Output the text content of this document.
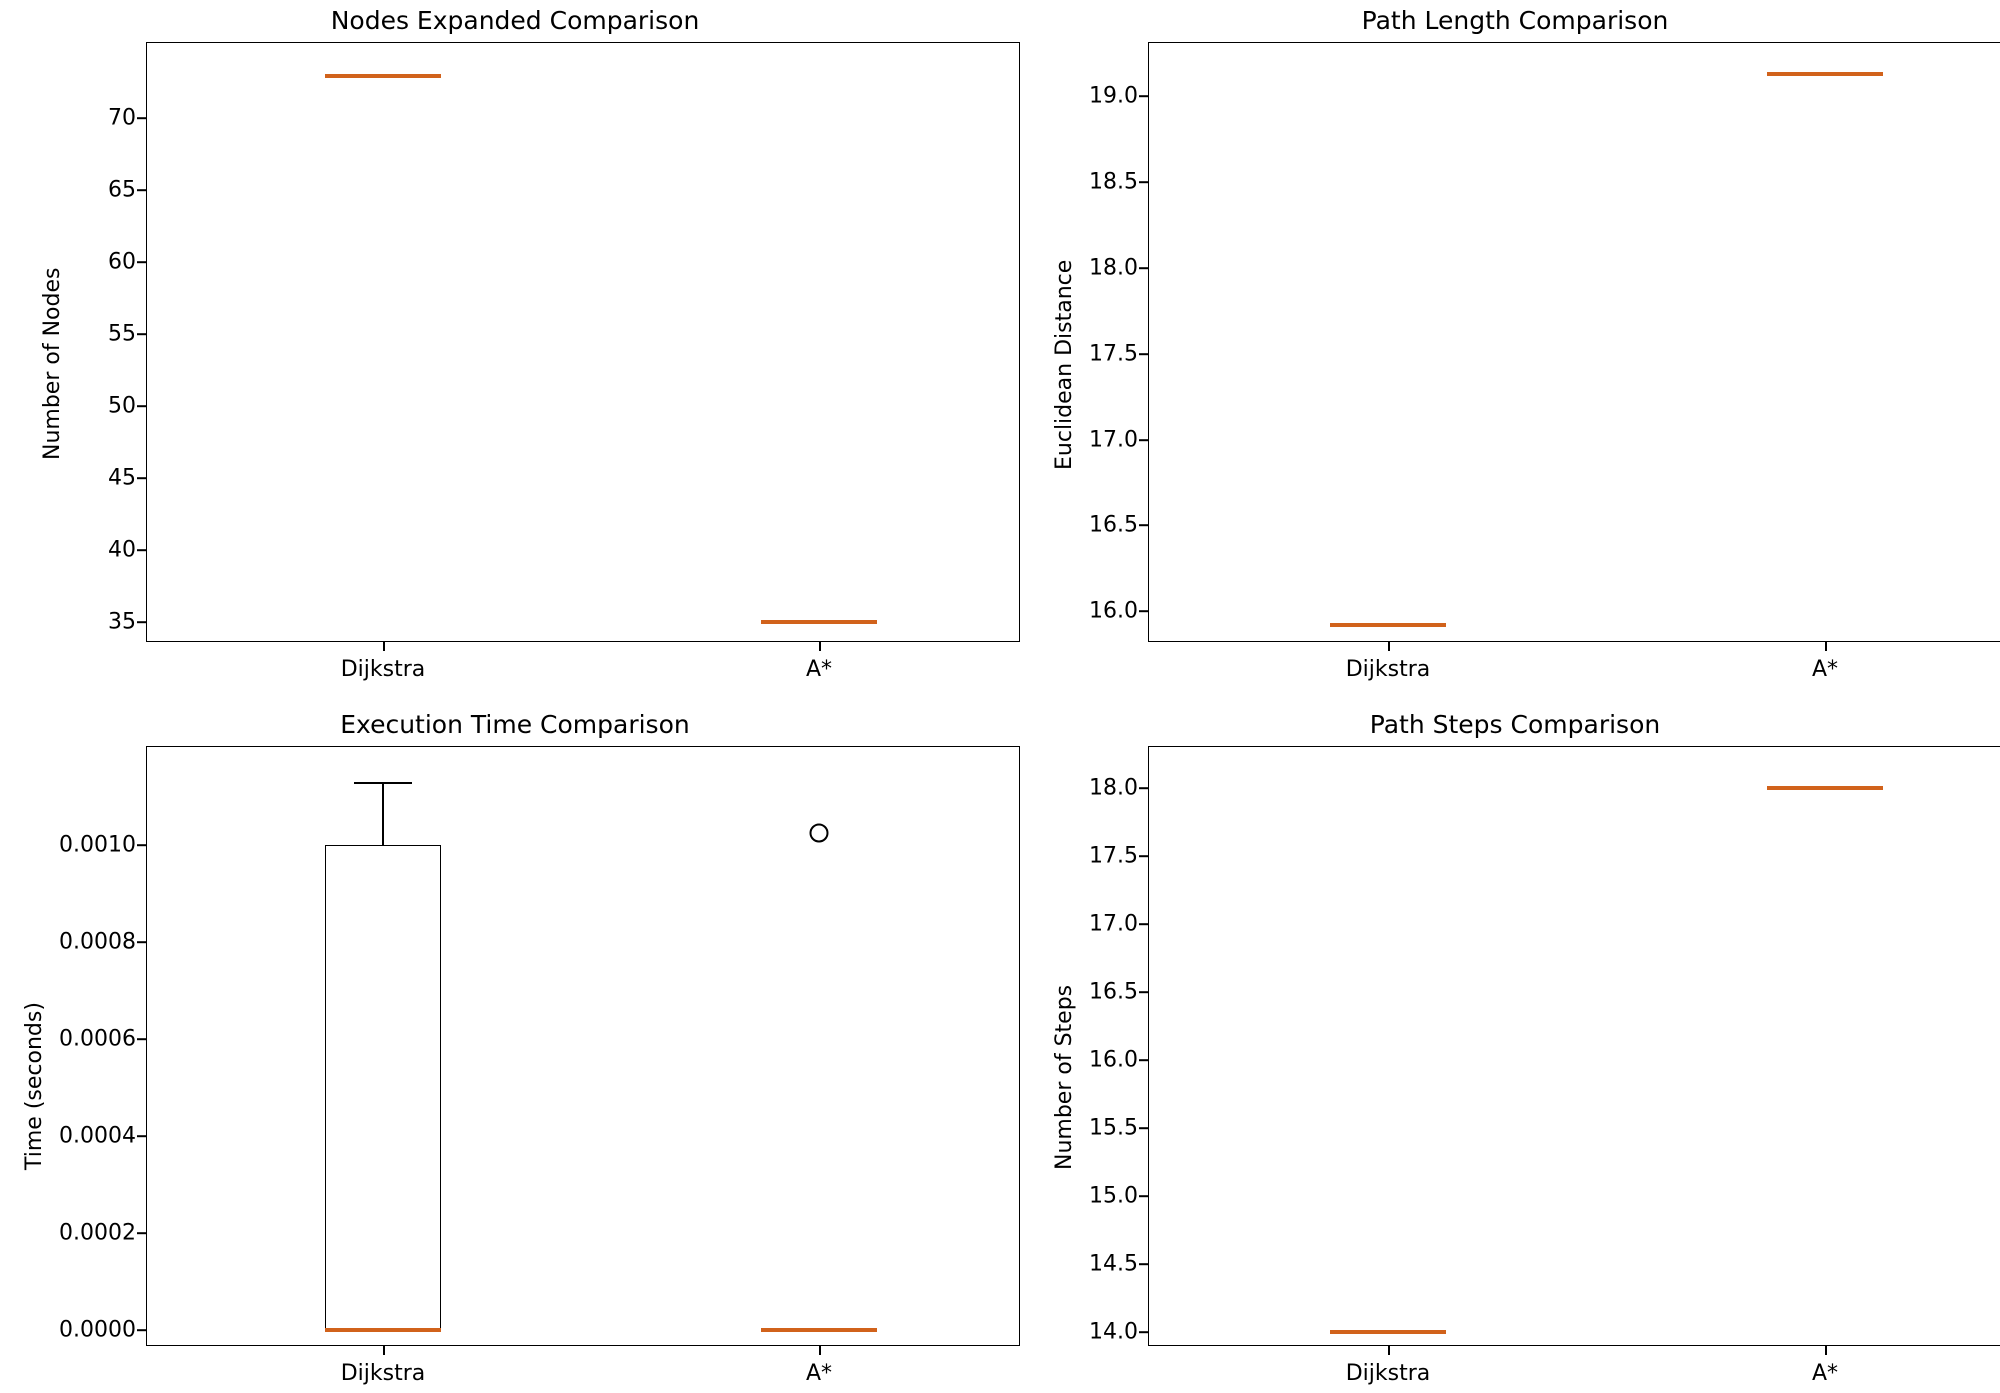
Nodes Expanded Comparison
Number of Nodes
35
40
45
50
55
60
65
70
Dijkstra	A*
Path Length Comparison
Euclidean Distance
16.0
16.5
17.0
17.5
18.0
18.5
19.0
Dijkstra	A*
Execution Time Comparison
Time (seconds)
0.0000
0.0002
0.0004
0.0006
0.0008
0.0010
Dijkstra	A*
Path Steps Comparison
Number of Steps
14.0
14.5
15.0
15.5
16.0
16.5
17.0
17.5
18.0
Dijkstra	A*
